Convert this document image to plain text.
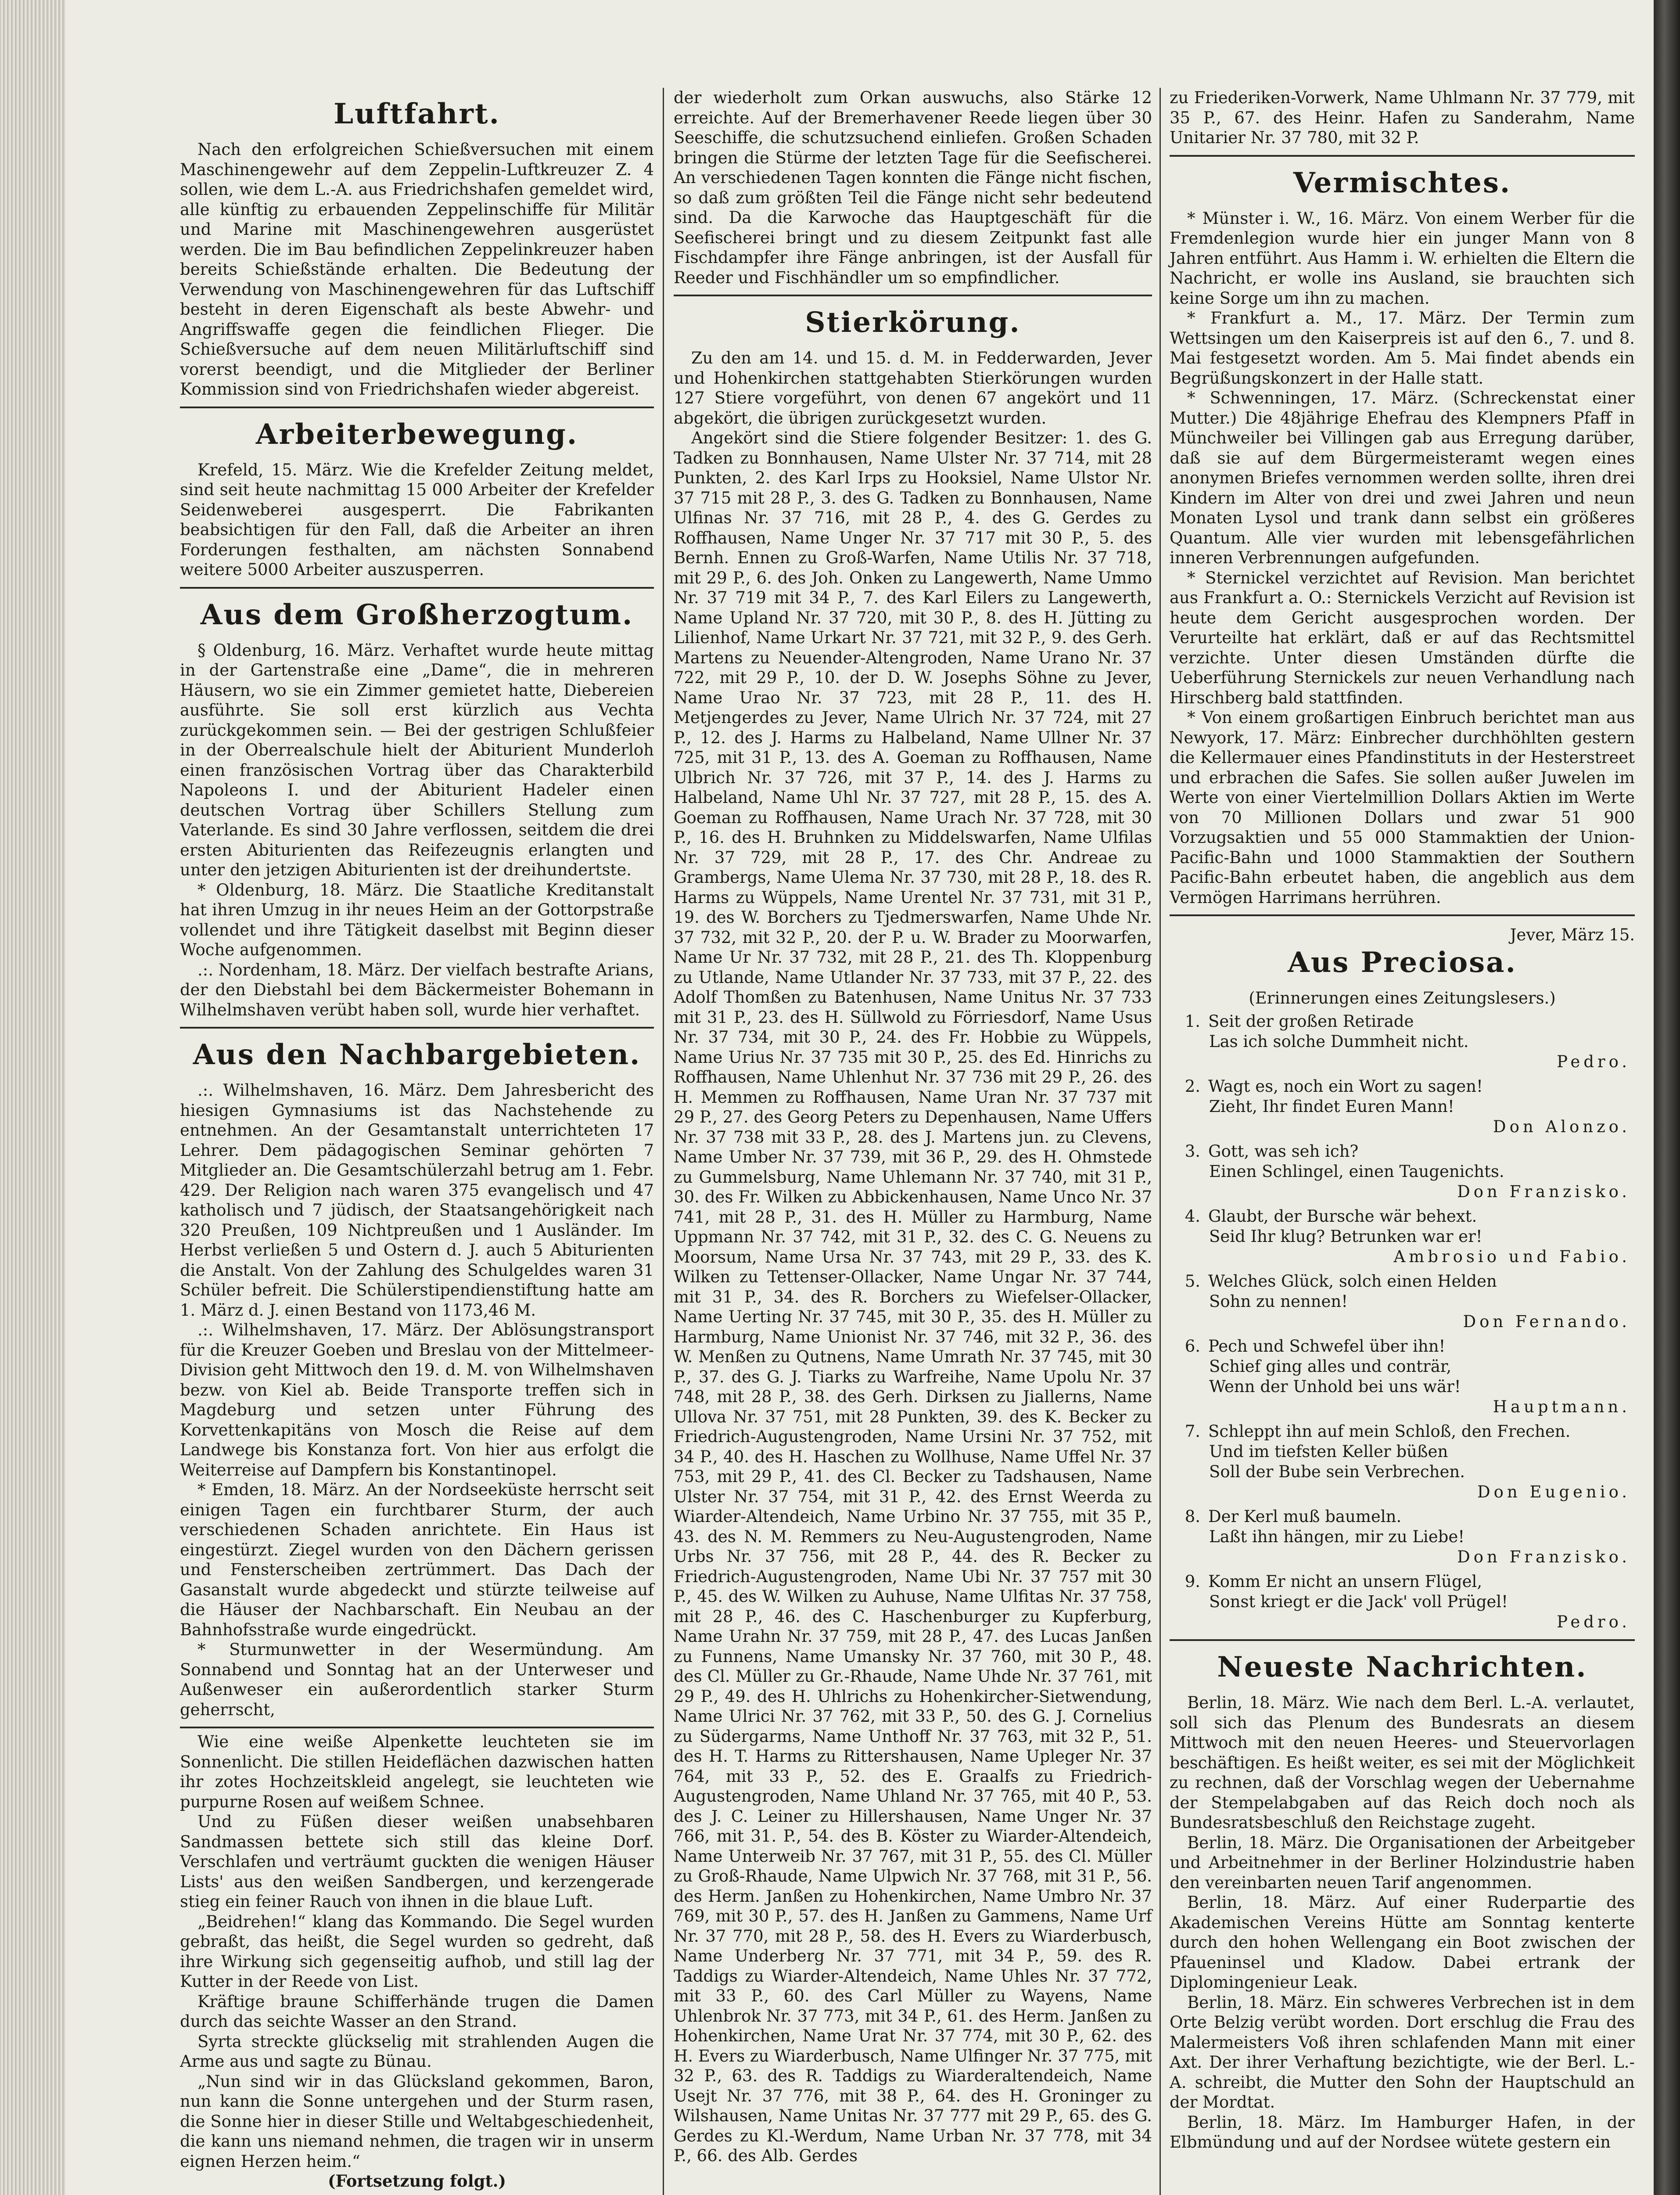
Luftfahrt.

Nach den erfolgreichen Schießversuchen mit einem Maschinengewehr auf dem Zeppelin-Luftkreuzer Z. 4 sollen, wie dem L.-A. aus Friedrichshafen gemeldet wird, alle künftig zu erbauenden Zeppelinschiffe für Militär und Marine mit Maschinengewehren ausgerüstet werden. Die im Bau befindlichen Zeppelinkreuzer haben bereits Schießstände erhalten. Die Bedeutung der Verwendung von Maschinengewehren für das Luftschiff besteht in deren Eigenschaft als beste Abwehr- und Angriffswaffe gegen die feindlichen Flieger. Die Schießversuche auf dem neuen Militärluftschiff sind vorerst beendigt, und die Mitglieder der Berliner Kommission sind von Friedrichshafen wieder abgereist.

Arbeiterbewegung.

Krefeld, 15. März. Wie die Krefelder Zeitung meldet, sind seit heute nachmittag 15 000 Arbeiter der Krefelder Seidenweberei ausgesperrt. Die Fabrikanten beabsichtigen für den Fall, daß die Arbeiter an ihren Forderungen festhalten, am nächsten Sonnabend weitere 5000 Arbeiter auszusperren.

Aus dem Großherzogtum.

§ Oldenburg, 16. März. Verhaftet wurde heute mittag in der Gartenstraße eine „Dame“, die in mehreren Häusern, wo sie ein Zimmer gemietet hatte, Diebereien ausführte. Sie soll erst kürzlich aus Vechta zurückgekommen sein. — Bei der gestrigen Schlußfeier in der Oberrealschule hielt der Abiturient Munderloh einen französischen Vortrag über das Charakterbild Napoleons I. und der Abiturient Hadeler einen deutschen Vortrag über Schillers Stellung zum Vaterlande. Es sind 30 Jahre verflossen, seitdem die drei ersten Abiturienten das Reifezeugnis erlangten und unter den jetzigen Abiturienten ist der dreihundertste.

* Oldenburg, 18. März. Die Staatliche Kreditanstalt hat ihren Umzug in ihr neues Heim an der Gottorpstraße vollendet und ihre Tätigkeit daselbst mit Beginn dieser Woche aufgenommen.

.:. Nordenham, 18. März. Der vielfach bestrafte Arians, der den Diebstahl bei dem Bäckermeister Bohemann in Wilhelmshaven verübt haben soll, wurde hier verhaftet.

Aus den Nachbargebieten.

.:. Wilhelmshaven, 16. März. Dem Jahresbericht des hiesigen Gymnasiums ist das Nachstehende zu entnehmen. An der Gesamtanstalt unterrichteten 17 Lehrer. Dem pädagogischen Seminar gehörten 7 Mitglieder an. Die Gesamtschülerzahl betrug am 1. Febr. 429. Der Religion nach waren 375 evangelisch und 47 katholisch und 7 jüdisch, der Staatsangehörigkeit nach 320 Preußen, 109 Nichtpreußen und 1 Ausländer. Im Herbst verließen 5 und Ostern d. J. auch 5 Abiturienten die Anstalt. Von der Zahlung des Schulgeldes waren 31 Schüler befreit. Die Schülerstipendienstiftung hatte am 1. März d. J. einen Bestand von 1173,46 M.

.:. Wilhelmshaven, 17. März. Der Ablösungstransport für die Kreuzer Goeben und Breslau von der Mittelmeer-Division geht Mittwoch den 19. d. M. von Wilhelmshaven bezw. von Kiel ab. Beide Transporte treffen sich in Magdeburg und setzen unter Führung des Korvettenkapitäns von Mosch die Reise auf dem Landwege bis Konstanza fort. Von hier aus erfolgt die Weiterreise auf Dampfern bis Konstantinopel.

* Emden, 18. März. An der Nordseeküste herrscht seit einigen Tagen ein furchtbarer Sturm, der auch verschiedenen Schaden anrichtete. Ein Haus ist eingestürzt. Ziegel wurden von den Dächern gerissen und Fensterscheiben zertrümmert. Das Dach der Gasanstalt wurde abgedeckt und stürzte teilweise auf die Häuser der Nachbarschaft. Ein Neubau an der Bahnhofsstraße wurde eingedrückt.

* Sturmunwetter in der Wesermündung. Am Sonnabend und Sonntag hat an der Unterweser und Außenweser ein außerordentlich starker Sturm geherrscht,

Wie eine weiße Alpenkette leuchteten sie im Sonnenlicht. Die stillen Heideflächen dazwischen hatten ihr zotes Hochzeitskleid angelegt, sie leuchteten wie purpurne Rosen auf weißem Schnee.

Und zu Füßen dieser weißen unabsehbaren Sandmassen bettete sich still das kleine Dorf. Verschlafen und verträumt guckten die wenigen Häuser Lists' aus den weißen Sandbergen, und kerzengerade stieg ein feiner Rauch von ihnen in die blaue Luft.

„Beidrehen!“ klang das Kommando. Die Segel wurden gebraßt, das heißt, die Segel wurden so gedreht, daß ihre Wirkung sich gegenseitig aufhob, und still lag der Kutter in der Reede von List.

Kräftige braune Schifferhände trugen die Damen durch das seichte Wasser an den Strand.

Syrta streckte glückselig mit strahlenden Augen die Arme aus und sagte zu Bünau.

„Nun sind wir in das Glücksland gekommen, Baron, nun kann die Sonne untergehen und der Sturm rasen, die Sonne hier in dieser Stille und Weltabgeschiedenheit, die kann uns niemand nehmen, die tragen wir in unserm eignen Herzen heim.“

(Fortsetzung folgt.)

der wiederholt zum Orkan auswuchs, also Stärke 12 erreichte. Auf der Bremerhavener Reede liegen über 30 Seeschiffe, die schutzsuchend einliefen. Großen Schaden bringen die Stürme der letzten Tage für die Seefischerei. An verschiedenen Tagen konnten die Fänge nicht fischen, so daß zum größten Teil die Fänge nicht sehr bedeutend sind. Da die Karwoche das Hauptgeschäft für die Seefischerei bringt und zu diesem Zeitpunkt fast alle Fischdampfer ihre Fänge anbringen, ist der Ausfall für Reeder und Fischhändler um so empfindlicher.

Stierkörung.

Zu den am 14. und 15. d. M. in Fedderwarden, Jever und Hohenkirchen stattgehabten Stierkörungen wurden 127 Stiere vorgeführt, von denen 67 angekört und 11 abgekört, die übrigen zurückgesetzt wurden.

Angekört sind die Stiere folgender Besitzer: 1. des G. Tadken zu Bonnhausen, Name Ulster Nr. 37 714, mit 28 Punkten, 2. des Karl Irps zu Hooksiel, Name Ulstor Nr. 37 715 mit 28 P., 3. des G. Tadken zu Bonnhausen, Name Ulfinas Nr. 37 716, mit 28 P., 4. des G. Gerdes zu Roffhausen, Name Unger Nr. 37 717 mit 30 P., 5. des Bernh. Ennen zu Groß-Warfen, Name Utilis Nr. 37 718, mit 29 P., 6. des Joh. Onken zu Langewerth, Name Ummo Nr. 37 719 mit 34 P., 7. des Karl Eilers zu Langewerth, Name Upland Nr. 37 720, mit 30 P., 8. des H. Jütting zu Lilienhof, Name Urkart Nr. 37 721, mit 32 P., 9. des Gerh. Martens zu Neuender-Altengroden, Name Urano Nr. 37 722, mit 29 P., 10. der D. W. Josephs Söhne zu Jever, Name Urao Nr. 37 723, mit 28 P., 11. des H. Metjengerdes zu Jever, Name Ulrich Nr. 37 724, mit 27 P., 12. des J. Harms zu Halbeland, Name Ullner Nr. 37 725, mit 31 P., 13. des A. Goeman zu Roffhausen, Name Ulbrich Nr. 37 726, mit 37 P., 14. des J. Harms zu Halbeland, Name Uhl Nr. 37 727, mit 28 P., 15. des A. Goeman zu Roffhausen, Name Urach Nr. 37 728, mit 30 P., 16. des H. Bruhnken zu Middelswarfen, Name Ulfilas Nr. 37 729, mit 28 P., 17. des Chr. Andreae zu Grambergs, Name Ulema Nr. 37 730, mit 28 P., 18. des R. Harms zu Wüppels, Name Urentel Nr. 37 731, mit 31 P., 19. des W. Borchers zu Tjedmerswarfen, Name Uhde Nr. 37 732, mit 32 P., 20. der P. u. W. Brader zu Moorwarfen, Name Ur Nr. 37 732, mit 28 P., 21. des Th. Kloppenburg zu Utlande, Name Utlander Nr. 37 733, mit 37 P., 22. des Adolf Thomßen zu Batenhusen, Name Unitus Nr. 37 733 mit 31 P., 23. des H. Süllwold zu Förriesdorf, Name Usus Nr. 37 734, mit 30 P., 24. des Fr. Hobbie zu Wüppels, Name Urius Nr. 37 735 mit 30 P., 25. des Ed. Hinrichs zu Roffhausen, Name Uhlenhut Nr. 37 736 mit 29 P., 26. des H. Memmen zu Roffhausen, Name Uran Nr. 37 737 mit 29 P., 27. des Georg Peters zu Depenhausen, Name Uffers Nr. 37 738 mit 33 P., 28. des J. Martens jun. zu Clevens, Name Umber Nr. 37 739, mit 36 P., 29. des H. Ohmstede zu Gummelsburg, Name Uhlemann Nr. 37 740, mit 31 P., 30. des Fr. Wilken zu Abbickenhausen, Name Unco Nr. 37 741, mit 28 P., 31. des H. Müller zu Harmburg, Name Uppmann Nr. 37 742, mit 31 P., 32. des C. G. Neuens zu Moorsum, Name Ursa Nr. 37 743, mit 29 P., 33. des K. Wilken zu Tettenser-Ollacker, Name Ungar Nr. 37 744, mit 31 P., 34. des R. Borchers zu Wiefelser-Ollacker, Name Uerting Nr. 37 745, mit 30 P., 35. des H. Müller zu Harmburg, Name Unionist Nr. 37 746, mit 32 P., 36. des W. Menßen zu Qutnens, Name Umrath Nr. 37 745, mit 30 P., 37. des G. J. Tiarks zu Warfreihe, Name Upolu Nr. 37 748, mit 28 P., 38. des Gerh. Dirksen zu Jiallerns, Name Ullova Nr. 37 751, mit 28 Punkten, 39. des K. Becker zu Friedrich-Augustengroden, Name Ursini Nr. 37 752, mit 34 P., 40. des H. Haschen zu Wollhuse, Name Uffel Nr. 37 753, mit 29 P., 41. des Cl. Becker zu Tadshausen, Name Ulster Nr. 37 754, mit 31 P., 42. des Ernst Weerda zu Wiarder-Altendeich, Name Urbino Nr. 37 755, mit 35 P., 43. des N. M. Remmers zu Neu-Augustengroden, Name Urbs Nr. 37 756, mit 28 P., 44. des R. Becker zu Friedrich-Augustengroden, Name Ubi Nr. 37 757 mit 30 P., 45. des W. Wilken zu Auhuse, Name Ulfitas Nr. 37 758, mit 28 P., 46. des C. Haschenburger zu Kupferburg, Name Urahn Nr. 37 759, mit 28 P., 47. des Lucas Janßen zu Funnens, Name Umansky Nr. 37 760, mit 30 P., 48. des Cl. Müller zu Gr.-Rhaude, Name Uhde Nr. 37 761, mit 29 P., 49. des H. Uhlrichs zu Hohenkircher-Sietwendung, Name Ulrici Nr. 37 762, mit 33 P., 50. des G. J. Cornelius zu Südergarms, Name Unthoff Nr. 37 763, mit 32 P., 51. des H. T. Harms zu Rittershausen, Name Upleger Nr. 37 764, mit 33 P., 52. des E. Graalfs zu Friedrich-Augustengroden, Name Uhland Nr. 37 765, mit 40 P., 53. des J. C. Leiner zu Hillershausen, Name Unger Nr. 37 766, mit 31. P., 54. des B. Köster zu Wiarder-Altendeich, Name Unterweib Nr. 37 767, mit 31 P., 55. des Cl. Müller zu Groß-Rhaude, Name Ulpwich Nr. 37 768, mit 31 P., 56. des Herm. Janßen zu Hohenkirchen, Name Umbro Nr. 37 769, mit 30 P., 57. des H. Janßen zu Gammens, Name Urf Nr. 37 770, mit 28 P., 58. des H. Evers zu Wiarderbusch, Name Underberg Nr. 37 771, mit 34 P., 59. des R. Taddigs zu Wiarder-Altendeich, Name Uhles Nr. 37 772, mit 33 P., 60. des Carl Müller zu Wayens, Name Uhlenbrok Nr. 37 773, mit 34 P., 61. des Herm. Janßen zu Hohenkirchen, Name Urat Nr. 37 774, mit 30 P., 62. des H. Evers zu Wiarderbusch, Name Ulfinger Nr. 37 775, mit 32 P., 63. des R. Taddigs zu Wiarderaltendeich, Name Usejt Nr. 37 776, mit 38 P., 64. des H. Groninger zu Wilshausen, Name Unitas Nr. 37 777 mit 29 P., 65. des G. Gerdes zu Kl.-Werdum, Name Urban Nr. 37 778, mit 34 P., 66. des Alb. Gerdes

zu Friederiken-Vorwerk, Name Uhlmann Nr. 37 779, mit 35 P., 67. des Heinr. Hafen zu Sanderahm, Name Unitarier Nr. 37 780, mit 32 P.

Vermischtes.

* Münster i. W., 16. März. Von einem Werber für die Fremdenlegion wurde hier ein junger Mann von 8 Jahren entführt. Aus Hamm i. W. erhielten die Eltern die Nachricht, er wolle ins Ausland, sie brauchten sich keine Sorge um ihn zu machen.

* Frankfurt a. M., 17. März. Der Termin zum Wettsingen um den Kaiserpreis ist auf den 6., 7. und 8. Mai festgesetzt worden. Am 5. Mai findet abends ein Begrüßungskonzert in der Halle statt.

* Schwenningen, 17. März. (Schreckenstat einer Mutter.) Die 48jährige Ehefrau des Klempners Pfaff in Münchweiler bei Villingen gab aus Erregung darüber, daß sie auf dem Bürgermeisteramt wegen eines anonymen Briefes vernommen werden sollte, ihren drei Kindern im Alter von drei und zwei Jahren und neun Monaten Lysol und trank dann selbst ein größeres Quantum. Alle vier wurden mit lebensgefährlichen inneren Verbrennungen aufgefunden.

* Sternickel verzichtet auf Revision. Man berichtet aus Frankfurt a. O.: Sternickels Verzicht auf Revision ist heute dem Gericht ausgesprochen worden. Der Verurteilte hat erklärt, daß er auf das Rechtsmittel verzichte. Unter diesen Umständen dürfte die Ueberführung Sternickels zur neuen Verhandlung nach Hirschberg bald stattfinden.

* Von einem großartigen Einbruch berichtet man aus Newyork, 17. März: Einbrecher durchhöhlten gestern die Kellermauer eines Pfandinstituts in der Hesterstreet und erbrachen die Safes. Sie sollen außer Juwelen im Werte von einer Viertelmillion Dollars Aktien im Werte von 70 Millionen Dollars und zwar 51 900 Vorzugsaktien und 55 000 Stammaktien der Union-Pacific-Bahn und 1000 Stammaktien der Southern Pacific-Bahn erbeutet haben, die angeblich aus dem Vermögen Harrimans herrühren.

Jever, März 15.

Aus Preciosa.

(Erinnerungen eines Zeitungslesers.)

1. Seit der großen Retirade
Las ich solche Dummheit nicht.
Pedro.
2. Wagt es, noch ein Wort zu sagen!
Zieht, Ihr findet Euren Mann!
Don Alonzo.
3. Gott, was seh ich?
Einen Schlingel, einen Taugenichts.
Don Franzisko.
4. Glaubt, der Bursche wär behext.
Seid Ihr klug? Betrunken war er!
Ambrosio und Fabio.
5. Welches Glück, solch einen Helden
Sohn zu nennen!
Don Fernando.
6. Pech und Schwefel über ihn!
Schief ging alles und conträr,
Wenn der Unhold bei uns wär!
Hauptmann.
7. Schleppt ihn auf mein Schloß, den Frechen.
Und im tiefsten Keller büßen
Soll der Bube sein Verbrechen.
Don Eugenio.
8. Der Kerl muß baumeln.
Laßt ihn hängen, mir zu Liebe!
Don Franzisko.
9. Komm Er nicht an unsern Flügel,
Sonst kriegt er die Jack' voll Prügel!
Pedro.
Neueste Nachrichten.

Berlin, 18. März. Wie nach dem Berl. L.-A. verlautet, soll sich das Plenum des Bundesrats an diesem Mittwoch mit den neuen Heeres- und Steuervorlagen beschäftigen. Es heißt weiter, es sei mit der Möglichkeit zu rechnen, daß der Vorschlag wegen der Uebernahme der Stempelabgaben auf das Reich doch noch als Bundesratsbeschluß den Reichstage zugeht.

Berlin, 18. März. Die Organisationen der Arbeitgeber und Arbeitnehmer in der Berliner Holzindustrie haben den vereinbarten neuen Tarif angenommen.

Berlin, 18. März. Auf einer Ruderpartie des Akademischen Vereins Hütte am Sonntag kenterte durch den hohen Wellengang ein Boot zwischen der Pfaueninsel und Kladow. Dabei ertrank der Diplomingenieur Leak.

Berlin, 18. März. Ein schweres Verbrechen ist in dem Orte Belzig verübt worden. Dort erschlug die Frau des Malermeisters Voß ihren schlafenden Mann mit einer Axt. Der ihrer Verhaftung bezichtigte, wie der Berl. L.-A. schreibt, die Mutter den Sohn der Hauptschuld an der Mordtat.

Berlin, 18. März. Im Hamburger Hafen, in der Elbmündung und auf der Nordsee wütete gestern ein
